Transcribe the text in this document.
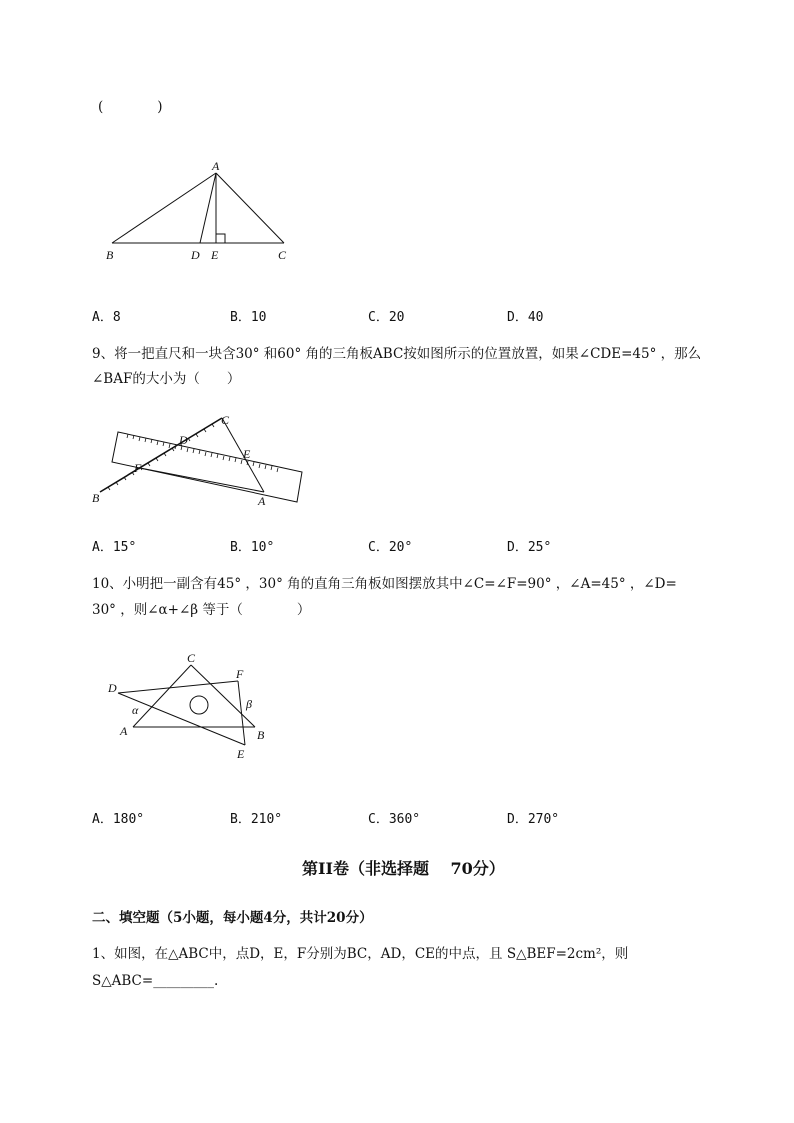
(　　　　)
A
B	D E	C
A．8	B．10	C．20	D．40
9、将一把直尺和一块含30° 和60° 角的三角板ABC按如图所示的位置放置，如果∠CDE=45° ，那么
∠BAF的大小为（　　）
C
D
E
F
B	A
A．15°	B．10°	C．20°	D．25°
10、小明把一副含有45° ，30° 角的直角三角板如图摆放其中∠C=∠F=90° ，∠A=45° ，∠D=
30° ，则∠α+∠β 等于（　　　　）
C
F
D
α	β
A	B
E
A．180°	B．210°	C．360°	D．270°
第II卷（非选择题　 70分）
二、填空题（5小题，每小题4分，共计20分）
1、如图，在△ABC中，点D，E，F分别为BC，AD，CE的中点，且 S△BEF=2cm²，则
S△ABC=_________.
